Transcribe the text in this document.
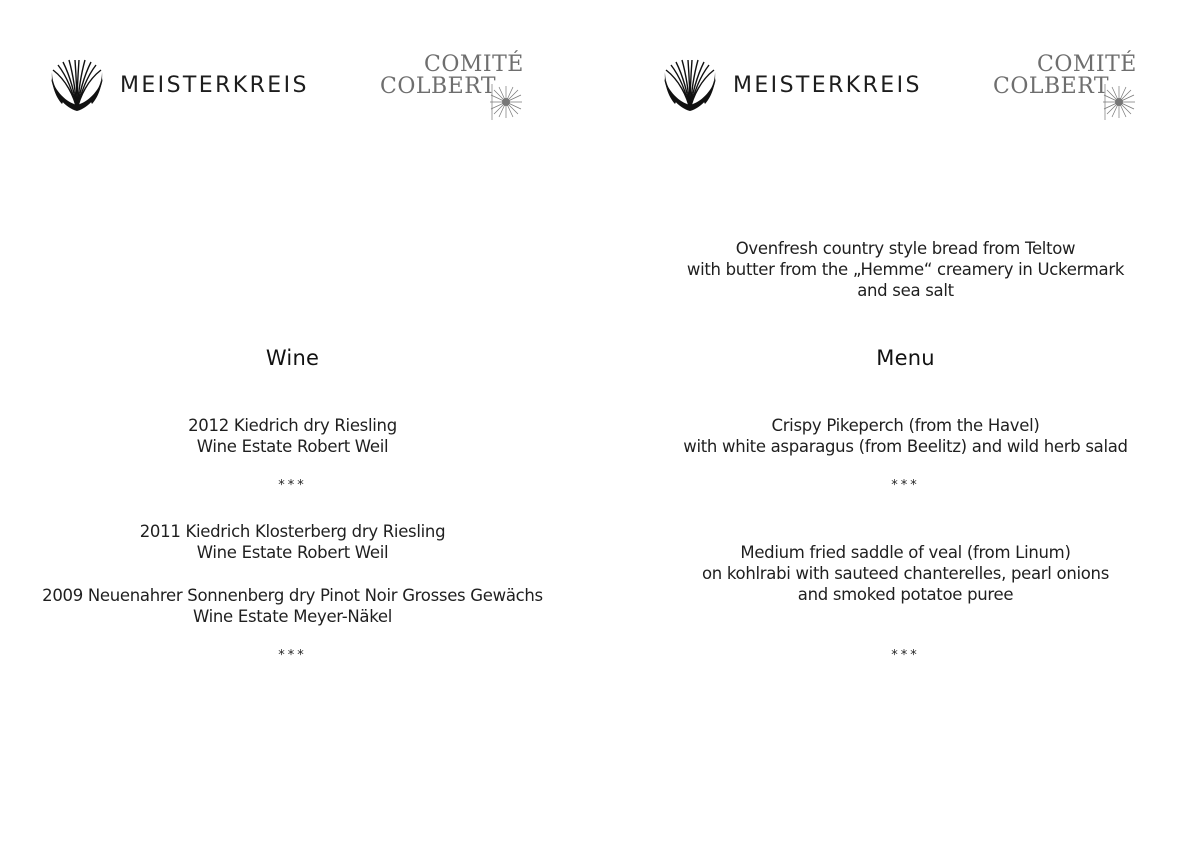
MEISTERKREIS
COMITÉ
COLBERT
Wine
2012 Kiedrich dry Riesling
Wine Estate Robert Weil
***
2011 Kiedrich Klosterberg dry Riesling
Wine Estate Robert Weil
2009 Neuenahrer Sonnenberg dry Pinot Noir Grosses Gewächs
Wine Estate Meyer-Näkel
***
MEISTERKREIS
COMITÉ
COLBERT
Ovenfresh country style bread from Teltow
with butter from the „Hemme“ creamery in Uckermark
and sea salt
Menu
Crispy Pikeperch (from the Havel)
with white asparagus (from Beelitz) and wild herb salad
***
Medium fried saddle of veal (from Linum)
on kohlrabi with sauteed chanterelles, pearl onions
and smoked potatoe puree
***
